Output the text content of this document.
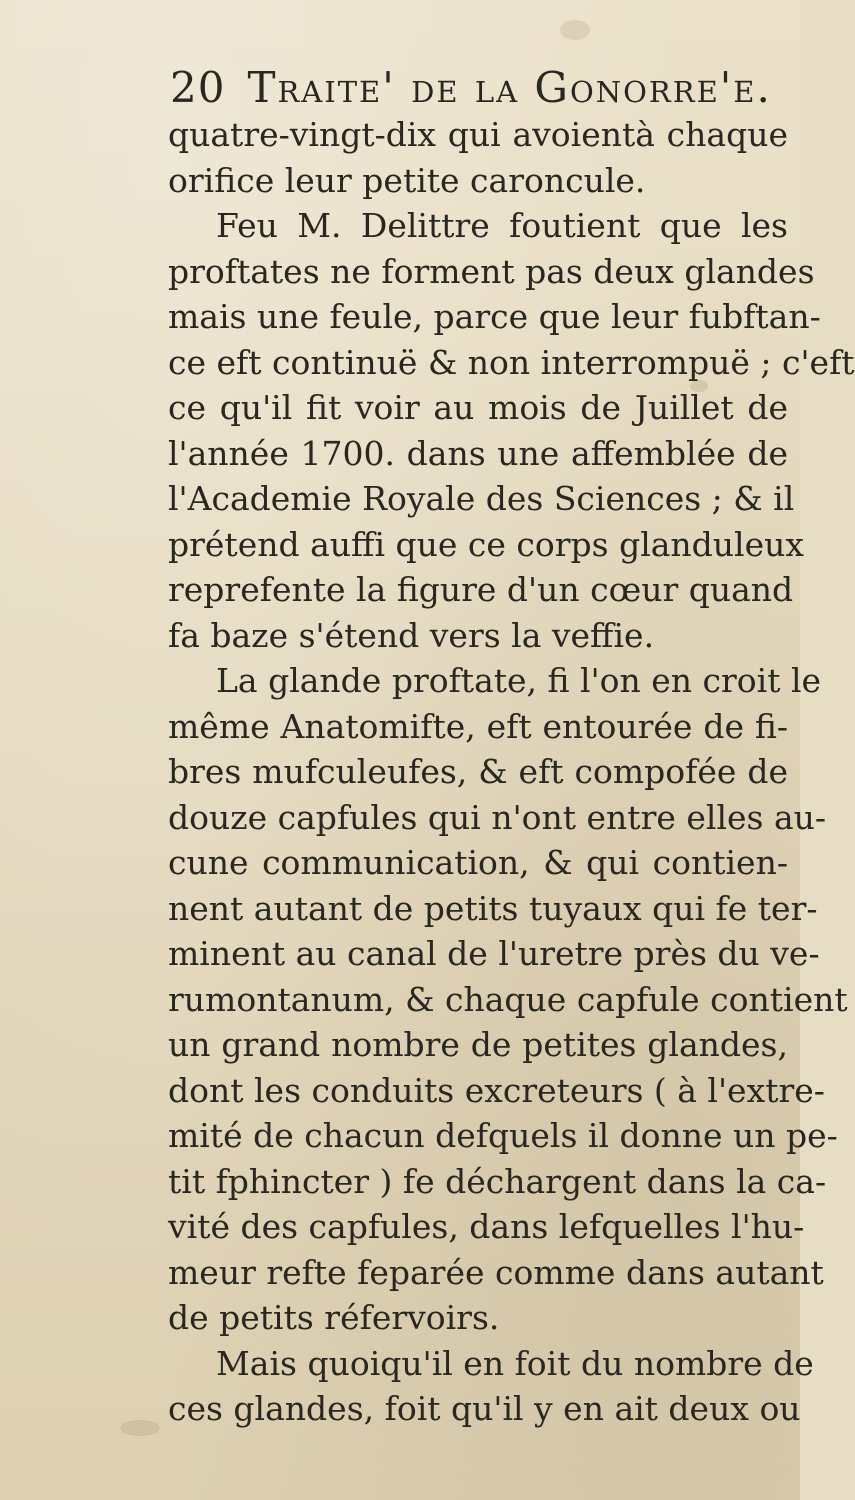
20 Traite' de la Gonorre'e.
quatre-vingt-dix qui avoientà chaque
orifice leur petite caroncule.
Feu M. Delittre foutient que les
proftates ne forment pas deux glandes
mais une feule, parce que leur fubftan-
ce eft continuë & non interrompuë ; c'eft
ce qu'il fit voir au mois de Juillet de
l'année 1700. dans une affemblée de
l'Academie Royale des Sciences ; & il
prétend auffi que ce corps glanduleux
reprefente la figure d'un cœur quand
fa baze s'étend vers la veffie.
La glande proftate, fi l'on en croit le
même Anatomifte, eft entourée de fi-
bres mufculeufes, & eft compofée de
douze capfules qui n'ont entre elles au-
cune communication, & qui contien-
nent autant de petits tuyaux qui fe ter-
minent au canal de l'uretre près du ve-
rumontanum, & chaque capfule contient
un grand nombre de petites glandes,
dont les conduits excreteurs ( à l'extre-
mité de chacun defquels il donne un pe-
tit fphincter ) fe déchargent dans la ca-
vité des capfules, dans lefquelles l'hu-
meur refte feparée comme dans autant
de petits réfervoirs.
Mais quoiqu'il en foit du nombre de
ces glandes, foit qu'il y en ait deux ou
